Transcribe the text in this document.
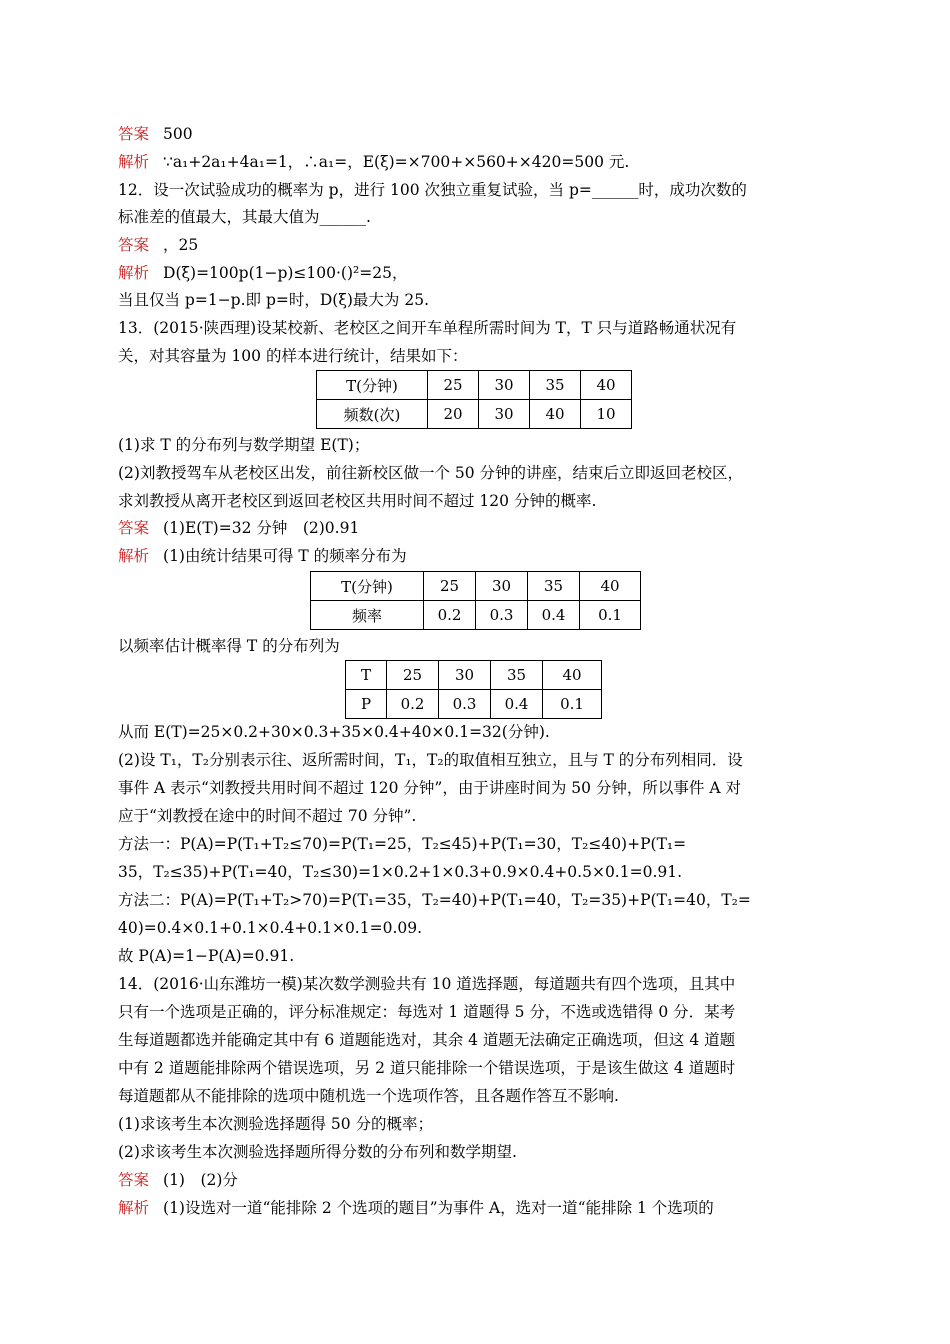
答案 500
解析 ∵a₁+2a₁+4a₁=1，∴a₁=，E(ξ)=×700+×560+×420=500 元.
12．设一次试验成功的概率为 p，进行 100 次独立重复试验，当 p=______时，成功次数的
标准差的值最大，其最大值为______.
答案 ，25
解析 D(ξ)=100p(1−p)≤100·()²=25，
当且仅当 p=1−p.即 p=时，D(ξ)最大为 25.
13．(2015·陕西理)设某校新、老校区之间开车单程所需时间为 T，T 只与道路畅通状况有
关，对其容量为 100 的样本进行统计，结果如下：
T(分钟)	25	30	35	40
频数(次)	20	30	40	10
(1)求 T 的分布列与数学期望 E(T)；
(2)刘教授驾车从老校区出发，前往新校区做一个 50 分钟的讲座，结束后立即返回老校区，
求刘教授从离开老校区到返回老校区共用时间不超过 120 分钟的概率.
答案 (1)E(T)=32 分钟　(2)0.91
解析 (1)由统计结果可得 T 的频率分布为
T(分钟)	25	30	35	40
频率	0.2	0.3	0.4	0.1
以频率估计概率得 T 的分布列为
T	25	30	35	40
P	0.2	0.3	0.4	0.1
从而 E(T)=25×0.2+30×0.3+35×0.4+40×0.1=32(分钟).
(2)设 T₁，T₂分别表示往、返所需时间，T₁，T₂的取值相互独立，且与 T 的分布列相同．设
事件 A 表示“刘教授共用时间不超过 120 分钟”，由于讲座时间为 50 分钟，所以事件 A 对
应于“刘教授在途中的时间不超过 70 分钟”.
方法一：P(A)=P(T₁+T₂≤70)=P(T₁=25，T₂≤45)+P(T₁=30，T₂≤40)+P(T₁=
35，T₂≤35)+P(T₁=40，T₂≤30)=1×0.2+1×0.3+0.9×0.4+0.5×0.1=0.91.
方法二：P(A)=P(T₁+T₂>70)=P(T₁=35，T₂=40)+P(T₁=40，T₂=35)+P(T₁=40，T₂=
40)=0.4×0.1+0.1×0.4+0.1×0.1=0.09.
故 P(A)=1−P(A)=0.91.
14．(2016·山东潍坊一模)某次数学测验共有 10 道选择题，每道题共有四个选项，且其中
只有一个选项是正确的，评分标准规定：每选对 1 道题得 5 分，不选或选错得 0 分．某考
生每道题都选并能确定其中有 6 道题能选对，其余 4 道题无法确定正确选项，但这 4 道题
中有 2 道题能排除两个错误选项，另 2 道只能排除一个错误选项，于是该生做这 4 道题时
每道题都从不能排除的选项中随机选一个选项作答，且各题作答互不影响.
(1)求该考生本次测验选择题得 50 分的概率；
(2)求该考生本次测验选择题所得分数的分布列和数学期望.
答案 (1)　(2)分
解析 (1)设选对一道“能排除 2 个选项的题目”为事件 A，选对一道“能排除 1 个选项的
